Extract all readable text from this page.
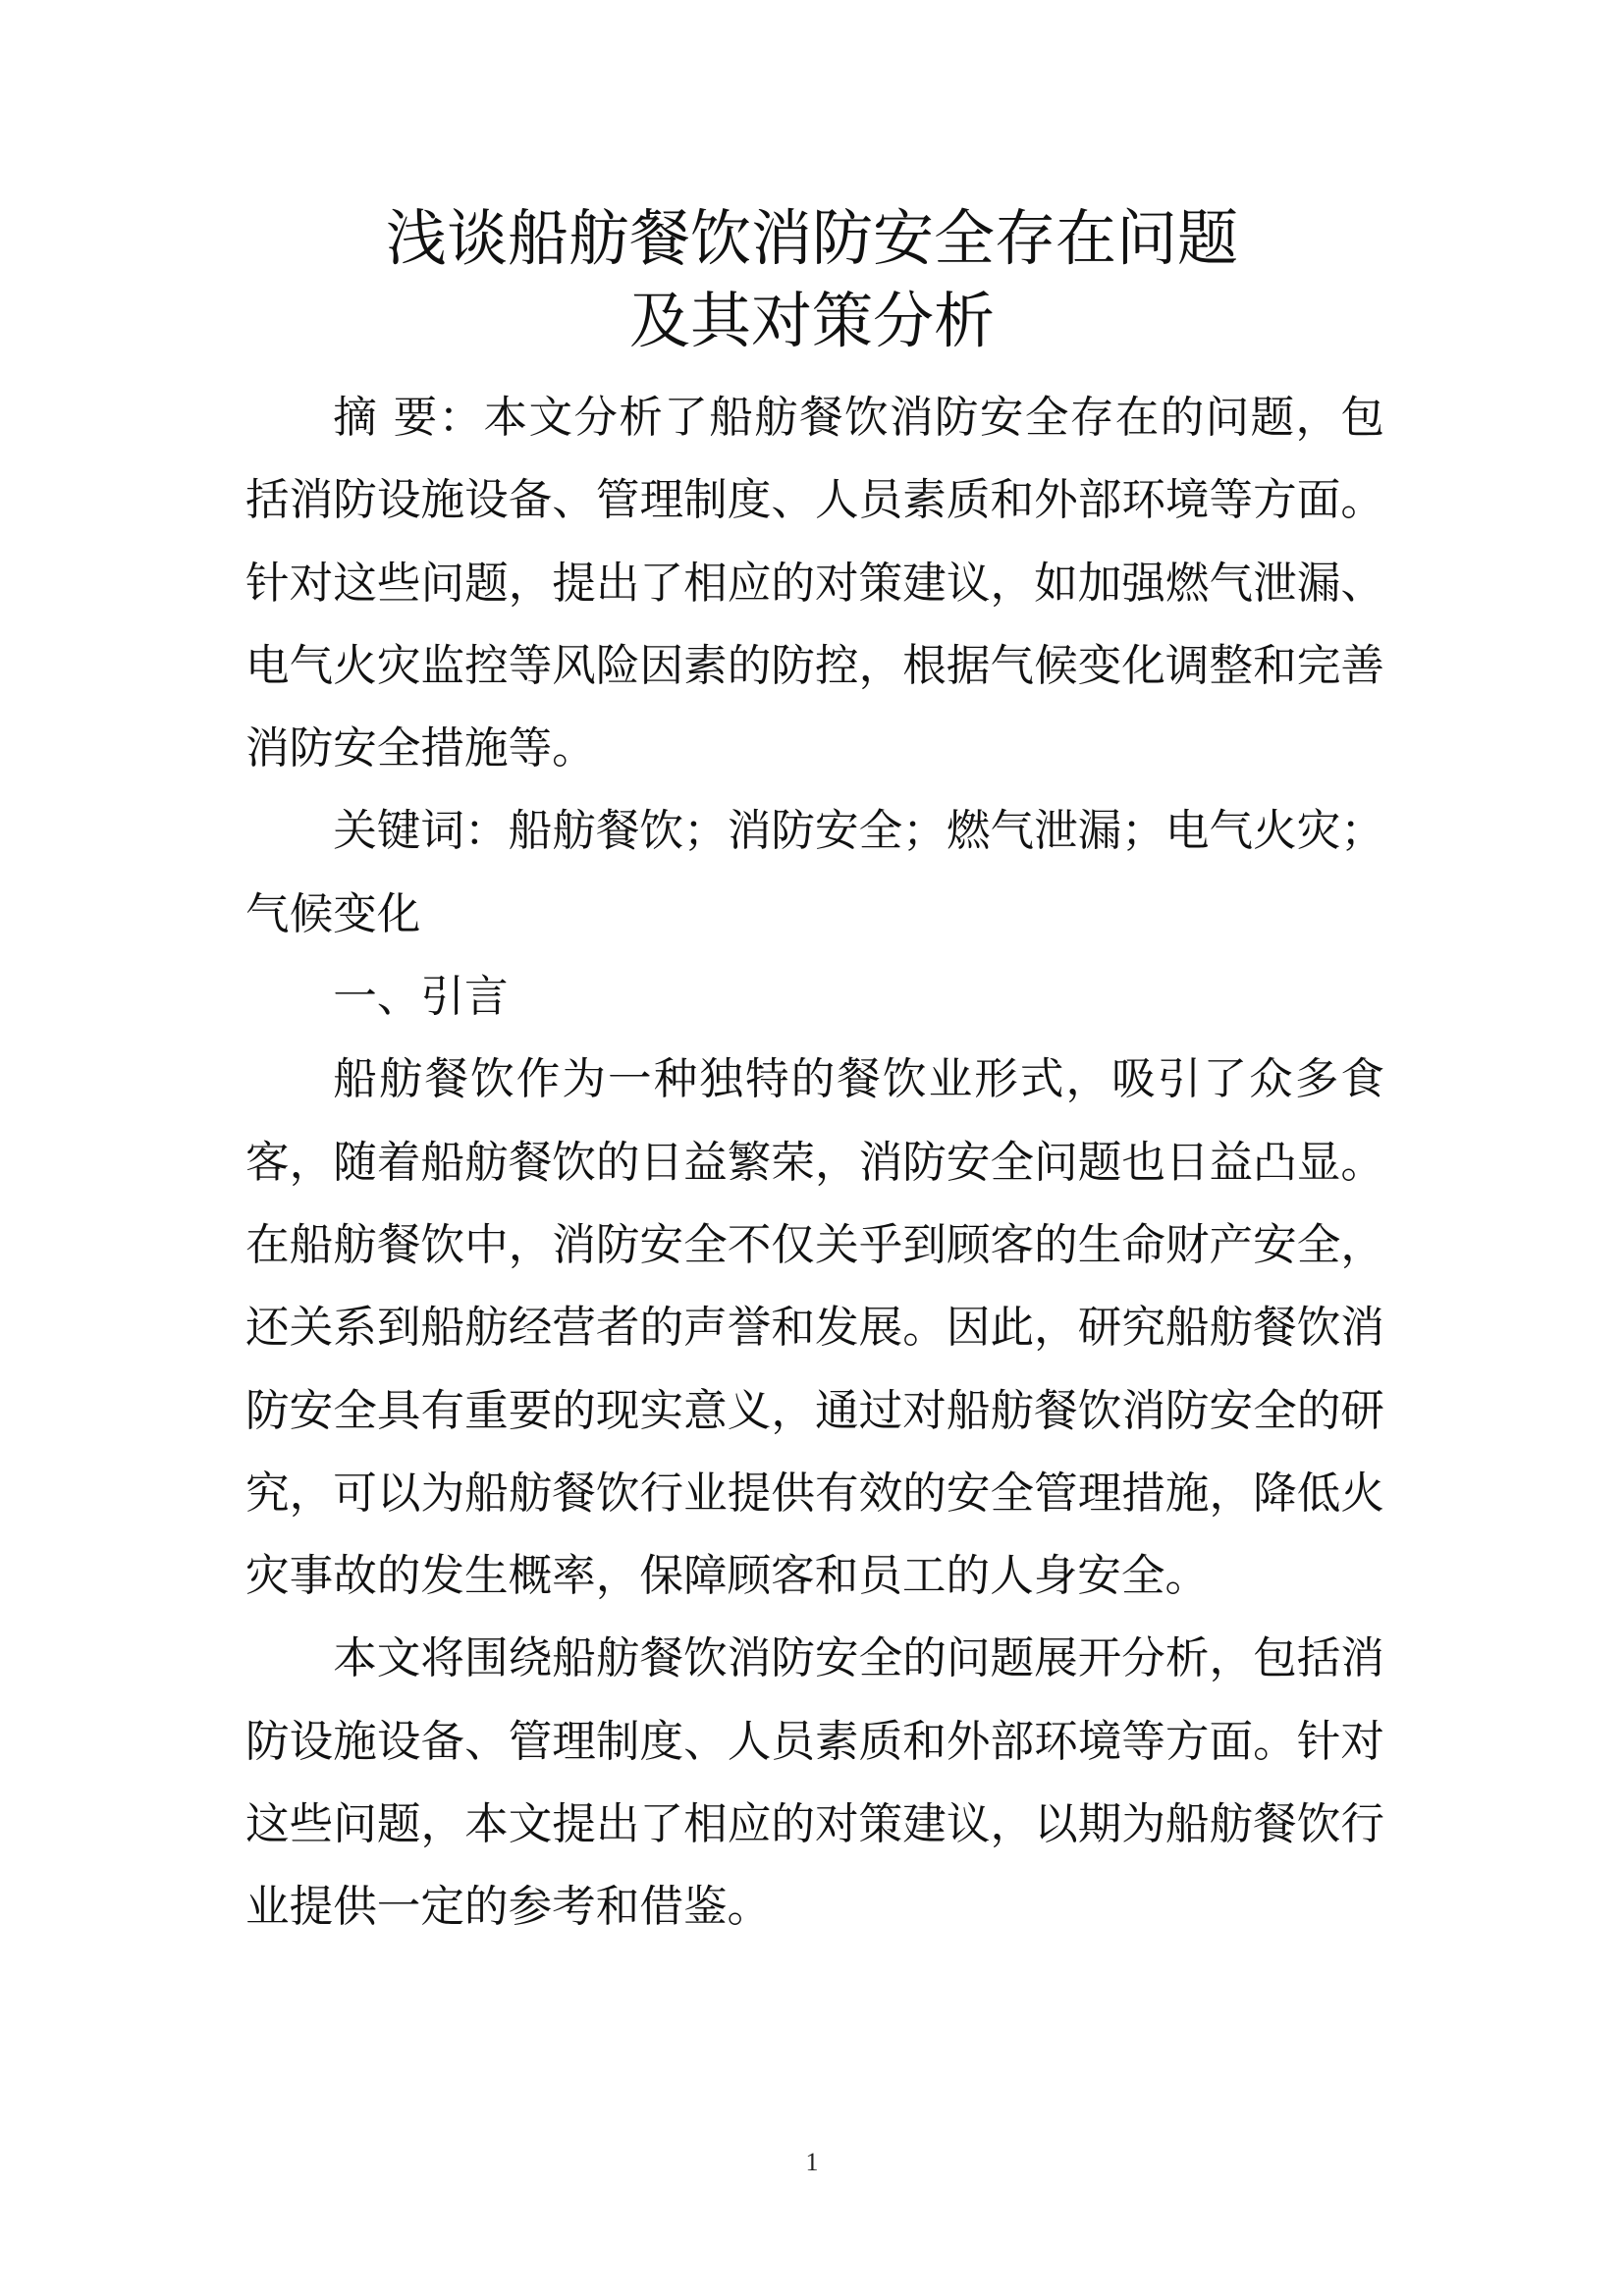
浅谈船舫餐饮消防安全存在问题
及其对策分析

摘 要：本文分析了船舫餐饮消防安全存在的问题，包括消防设施设备、管理制度、人员素质和外部环境等方面。针对这些问题，提出了相应的对策建议，如加强燃气泄漏、电气火灾监控等风险因素的防控，根据气候变化调整和完善消防安全措施等。

关键词：船舫餐饮；消防安全；燃气泄漏；电气火灾；气候变化

一、引言

船舫餐饮作为一种独特的餐饮业形式，吸引了众多食客，随着船舫餐饮的日益繁荣，消防安全问题也日益凸显。在船舫餐饮中，消防安全不仅关乎到顾客的生命财产安全，还关系到船舫经营者的声誉和发展。因此，研究船舫餐饮消防安全具有重要的现实意义，通过对船舫餐饮消防安全的研究，可以为船舫餐饮行业提供有效的安全管理措施，降低火灾事故的发生概率，保障顾客和员工的人身安全。

本文将围绕船舫餐饮消防安全的问题展开分析，包括消防设施设备、管理制度、人员素质和外部环境等方面。针对这些问题，本文提出了相应的对策建议，以期为船舫餐饮行业提供一定的参考和借鉴。

1
